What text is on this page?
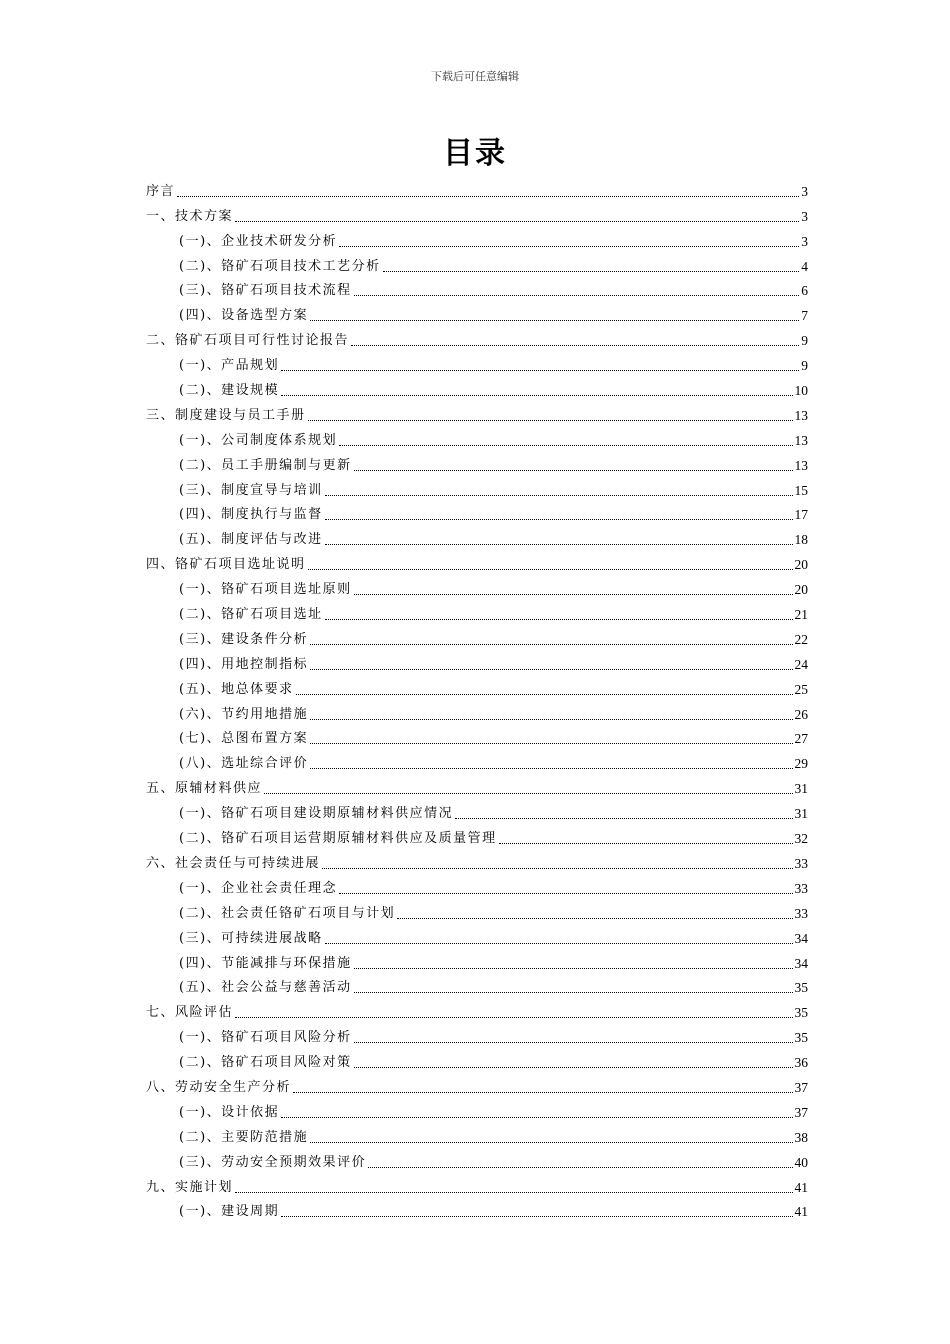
下载后可任意编辑
目录
序言	3
一、技术方案	3
(一)、企业技术研发分析	3
(二)、铬矿石项目技术工艺分析	4
(三)、铬矿石项目技术流程	6
(四)、设备选型方案	7
二、铬矿石项目可行性讨论报告	9
(一)、产品规划	9
(二)、建设规模	10
三、制度建设与员工手册	13
(一)、公司制度体系规划	13
(二)、员工手册编制与更新	13
(三)、制度宣导与培训	15
(四)、制度执行与监督	17
(五)、制度评估与改进	18
四、铬矿石项目选址说明	20
(一)、铬矿石项目选址原则	20
(二)、铬矿石项目选址	21
(三)、建设条件分析	22
(四)、用地控制指标	24
(五)、地总体要求	25
(六)、节约用地措施	26
(七)、总图布置方案	27
(八)、选址综合评价	29
五、原辅材料供应	31
(一)、铬矿石项目建设期原辅材料供应情况	31
(二)、铬矿石项目运营期原辅材料供应及质量管理	32
六、社会责任与可持续进展	33
(一)、企业社会责任理念	33
(二)、社会责任铬矿石项目与计划	33
(三)、可持续进展战略	34
(四)、节能减排与环保措施	34
(五)、社会公益与慈善活动	35
七、风险评估	35
(一)、铬矿石项目风险分析	35
(二)、铬矿石项目风险对策	36
八、劳动安全生产分析	37
(一)、设计依据	37
(二)、主要防范措施	38
(三)、劳动安全预期效果评价	40
九、实施计划	41
(一)、建设周期	41
